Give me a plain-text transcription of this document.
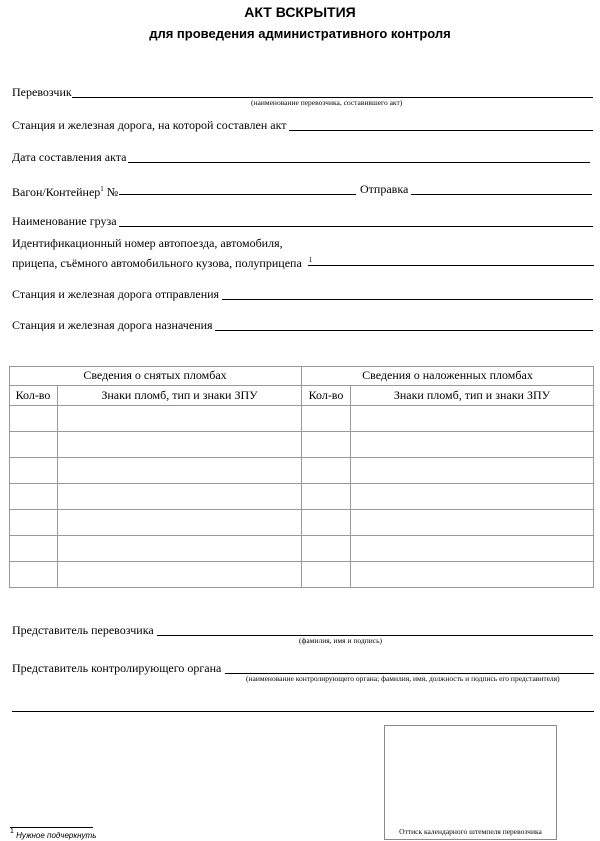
АКТ ВСКРЫТИЯ
для проведения административного контроля
Перевозчик
(наименование перевозчика, составившего акт)
Станция и железная дорога, на которой составлен акт
Дата составления акта
Вагон/Контейнер$^1$ №	Отправка
Наименование груза
Идентификационный номер автопоезда, автомобиля,
прицепа, съёмного автомобильного кузова, полуприцепа $^1$
Станция и железная дорога отправления
Станция и железная дорога назначения
Сведения о снятых пломбах	Сведения о наложенных пломбах
Кол-во	Знаки пломб, тип и знаки ЗПУ	Кол-во	Знаки пломб, тип и знаки ЗПУ
Представитель перевозчика
(фамилия, имя и подпись)
Представитель контролирующего органа
(наименование контролирующего органа; фамилия, имя, должность и подпись его представителя)
Оттиск календарного штемпеля перевозчика
1 Нужное подчеркнуть
